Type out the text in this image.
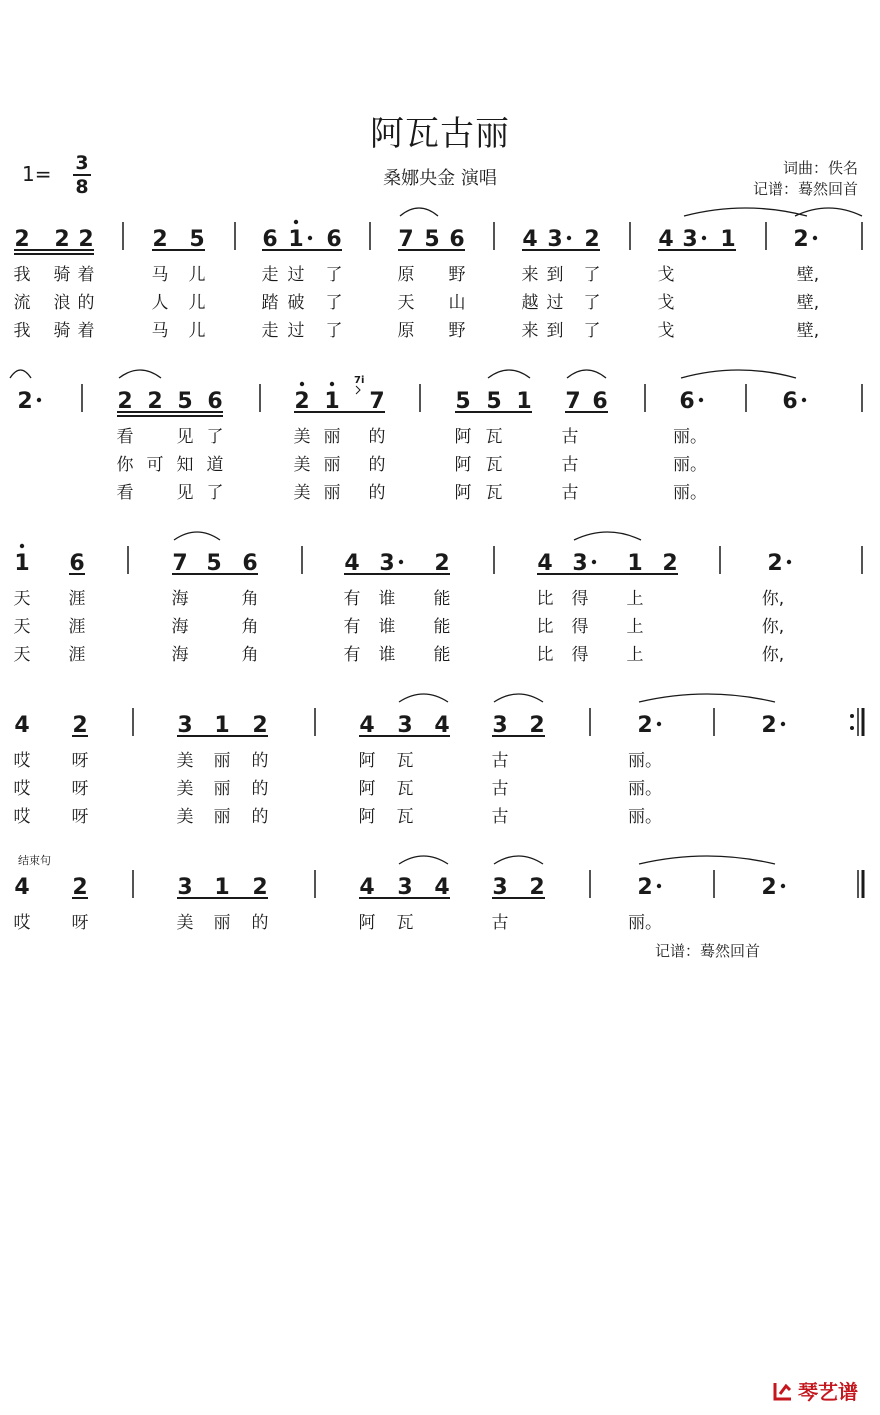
阿瓦古丽
1= 3
8	桑娜央金 演唱	词曲：佚名
记谱：蓦然回首
2 2 2	2 5	6 1 6	7 5 6	4 3 2	4 3 1	2
2	2 2 5 6	2 1 7	5 5 1 7 6	6	6
1 6	7 5 6	4 3 2	4 3 1 2	2
4 2	3 1 2	4 3 4 3 2	2	2
4 2	3 1 2	4 3 4 3 2	2	2
我 骑 着	马 儿	走 过 了	原 野	来 到 了	戈	壁,
流 浪 的	人 儿	踏 破 了	天 山	越 过 了	戈	壁,
我 骑 着	马 儿	走 过 了	原 野	来 到 了	戈	壁,
看	见 了	美 丽 的	阿 瓦	古	丽。
你 可 知 道	美 丽 的	阿 瓦	古	丽。
看	见 了	美 丽 的	阿 瓦	古	丽。
天 涯	海	角	有 谁 能	比 得 上	你,
天 涯	海	角	有 谁 能	比 得 上	你,
天 涯	海	角	有 谁 能	比 得 上	你,
哎 呀	美 丽 的	阿 瓦	古	丽。
哎 呀	美 丽 的	阿 瓦	古	丽。
哎 呀	美 丽 的	阿 瓦	古	丽。
哎 呀	美 丽 的	阿 瓦	古	丽。
结束句
7i
记谱：蓦然回首
琴艺谱
